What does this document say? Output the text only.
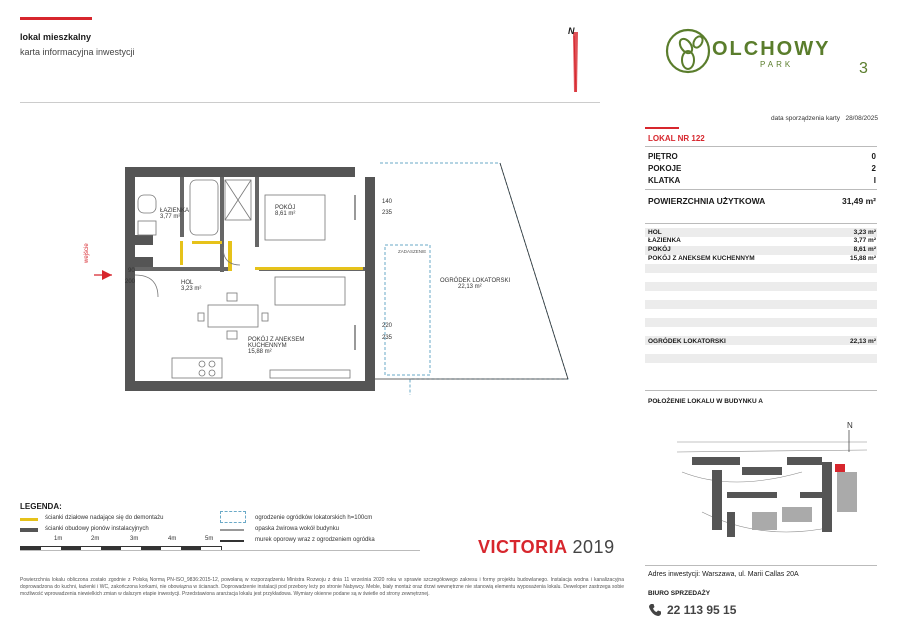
lokal mieszkalny
karta informacyjna inwestycji
N
OLCHOWY
PARK	3
data sporządzenia karty 28/08/2025
LOKAL NR 122
PIĘTRO	0
POKOJE	2
KLATKA	I
POWIERZCHNIA UŻYTKOWA	31,49 m²
HOL	3,23 m²
ŁAZIENKA	3,77 m²
POKÓJ	8,61 m²
POKÓJ Z ANEKSEM KUCHENNYM	15,88 m²
OGRÓDEK LOKATORSKI	22,13 m²
POŁOŻENIE LOKALU W BUDYNKU A
N
Adres inwestycji: Warszawa, ul. Marii Callas 20A
BIURO SPRZEDAŻY
22 113 95 15
ŁAZIENKA
3,77 m²
POKÓJ
8,61 m²
HOL
3,23 m²
POKÓJ Z ANEKSEM
KUCHENNYM
15,88 m²
OGRÓDEK LOKATORSKI
22,13 m²
ZADASZENIE
wejście
140
235
220
235
90
200
LEGENDA:
ścianki działowe nadające się do demontażu
ścianki obudowy pionów instalacyjnych
ogrodzenie ogródków lokatorskich h=100cm
opaska żwirowa wokół budynku
murek oporowy wraz z ogrodzeniem ogródka
1m	2m	3m	4m	5m	VICTORIA 2019
Powierzchnia lokalu obliczona zostało zgodnie z Polską Normą PN-ISO_9836:2015-12, powołaną w rozporządzeniu Ministra Rozwoju z dnia 11 września 2020 roku w sprawie szczegółowego zakresu i formy projektu budowlanego. Instalacja wodna i kanalizacyjna doprowadzona do kuchni, łazienki i WC, zakończona korkami, nie obowiązna w ścianach. Doprowadzenie instalacji pod przebory leży po stronie Nabywcy. Meble, biały montaż oraz drzwi wewnętrzne nie stanowią elementu wyposażenia lokalu. Deweloper zastrzega sobie możliwość wprowadzenia niewielkich zmian w dalszym etapie inwestycji. Przedstawiona aranżacja lokalu jest przykładowa. Wymiary okienne podane są w świetle od strony zewnętrznej.
